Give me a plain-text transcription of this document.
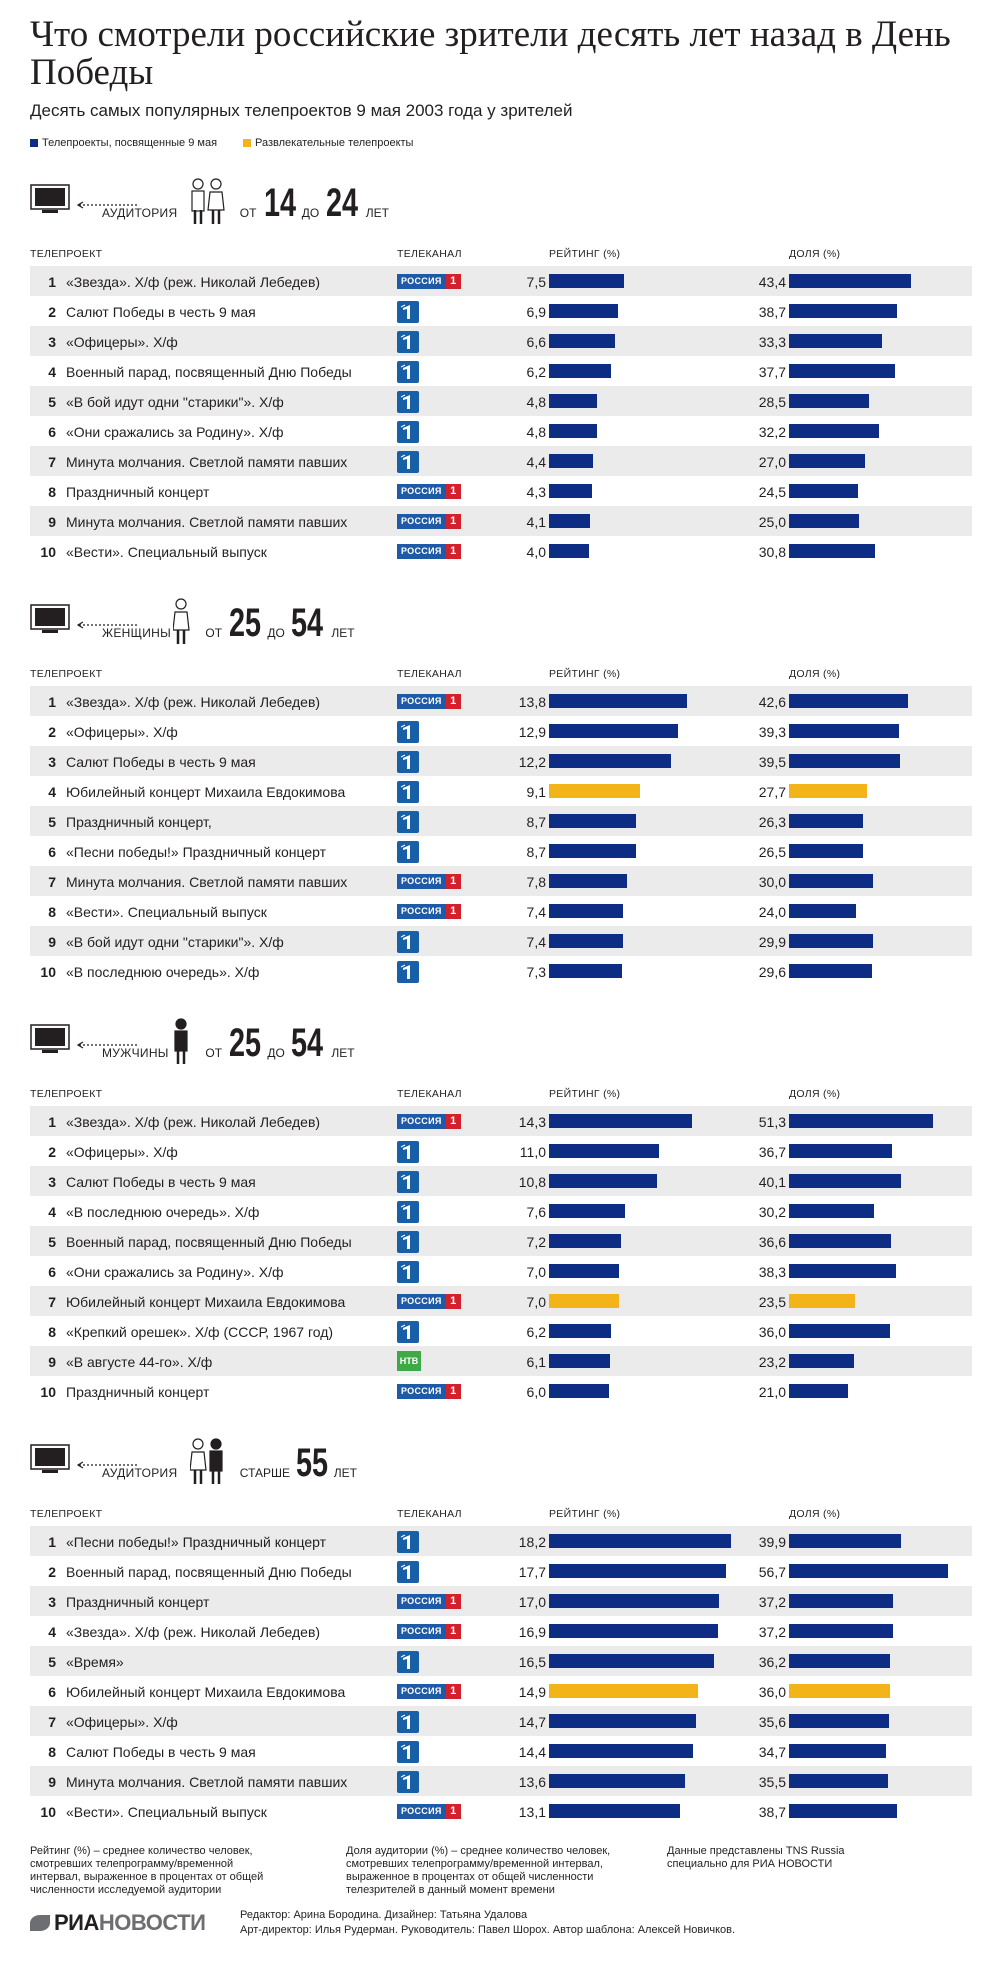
Что смотрели российские зрители десять лет назад в День Победы

Десять самых популярных телепроектов 9 мая 2003 года у зрителей

Телепроекты, посвященные 9 мая	Развлекательные телепроекты
АУДИТОРИЯ	ОТ 14 ДО 24 ЛЕТ
ТЕЛЕПРОЕКТ	ТЕЛЕКАНАЛ	РЕЙТИНГ (%)	ДОЛЯ (%)
1 «Звезда». Х/ф (реж. Николай Лебедев)	РОССИЯ 1	7,5	43,4
2 Салют Победы в честь 9 мая	6,9	38,7
3 «Офицеры». Х/ф	6,6	33,3
4 Военный парад, посвященный Дню Победы	6,2	37,7
5 «В бой идут одни "старики"». Х/ф	4,8	28,5
6 «Они сражались за Родину». Х/ф	4,8	32,2
7 Минута молчания. Светлой памяти павших	4,4	27,0
8 Праздничный концерт	РОССИЯ 1	4,3	24,5
9 Минута молчания. Светлой памяти павших	РОССИЯ 1	4,1	25,0
10 «Вести». Специальный выпуск	РОССИЯ 1	4,0	30,8
ЖЕНЩИНЫ	ОТ 25 ДО 54 ЛЕТ
ТЕЛЕПРОЕКТ	ТЕЛЕКАНАЛ	РЕЙТИНГ (%)	ДОЛЯ (%)
1 «Звезда». Х/ф (реж. Николай Лебедев)	РОССИЯ 1	13,8	42,6
2 «Офицеры». Х/ф	12,9	39,3
3 Салют Победы в честь 9 мая	12,2	39,5
4 Юбилейный концерт Михаила Евдокимова	9,1	27,7
5 Праздничный концерт,	8,7	26,3
6 «Песни победы!» Праздничный концерт	8,7	26,5
7 Минута молчания. Светлой памяти павших	РОССИЯ 1	7,8	30,0
8 «Вести». Специальный выпуск	РОССИЯ 1	7,4	24,0
9 «В бой идут одни "старики"». Х/ф	7,4	29,9
10 «В последнюю очередь». Х/ф	7,3	29,6
МУЖЧИНЫ	ОТ 25 ДО 54 ЛЕТ
ТЕЛЕПРОЕКТ	ТЕЛЕКАНАЛ	РЕЙТИНГ (%)	ДОЛЯ (%)
1 «Звезда». Х/ф (реж. Николай Лебедев)	РОССИЯ 1	14,3	51,3
2 «Офицеры». Х/ф	11,0	36,7
3 Салют Победы в честь 9 мая	10,8	40,1
4 «В последнюю очередь». Х/ф	7,6	30,2
5 Военный парад, посвященный Дню Победы	7,2	36,6
6 «Они сражались за Родину». Х/ф	7,0	38,3
7 Юбилейный концерт Михаила Евдокимова	РОССИЯ 1	7,0	23,5
8 «Крепкий орешек». Х/ф (СССР, 1967 год)	6,2	36,0
9 «В августе 44-го». Х/ф	НТВ	6,1	23,2
10 Праздничный концерт	РОССИЯ 1	6,0	21,0
АУДИТОРИЯ	СТАРШЕ 55 ЛЕТ
ТЕЛЕПРОЕКТ	ТЕЛЕКАНАЛ	РЕЙТИНГ (%)	ДОЛЯ (%)
1 «Песни победы!» Праздничный концерт	18,2	39,9
2 Военный парад, посвященный Дню Победы	17,7	56,7
3 Праздничный концерт	РОССИЯ 1	17,0	37,2
4 «Звезда». Х/ф (реж. Николай Лебедев)	РОССИЯ 1	16,9	37,2
5 «Время»	16,5	36,2
6 Юбилейный концерт Михаила Евдокимова	РОССИЯ 1	14,9	36,0
7 «Офицеры». Х/ф	14,7	35,6
8 Салют Победы в честь 9 мая	14,4	34,7
9 Минута молчания. Светлой памяти павших	13,6	35,5
10 «Вести». Специальный выпуск	РОССИЯ 1	13,1	38,7
Рейтинг (%) – среднее количество человек, смотревших телепрограмму/временной интервал, выраженное в процентах от общей численности исследуемой аудитории
Доля аудитории (%) – среднее количество человек, смотревших телепрограмму/временной интервал, выраженное в процентах от общей численности телезрителей в данный момент времени
Данные представлены TNS Russia специально для РИА НОВОСТИ
РИА НОВОСТИ	Редактор: Арина Бородина. Дизайнер: Татьяна Удалова
Арт-директор: Илья Рудерман. Руководитель: Павел Шорох. Автор шаблона: Алексей Новичков.
